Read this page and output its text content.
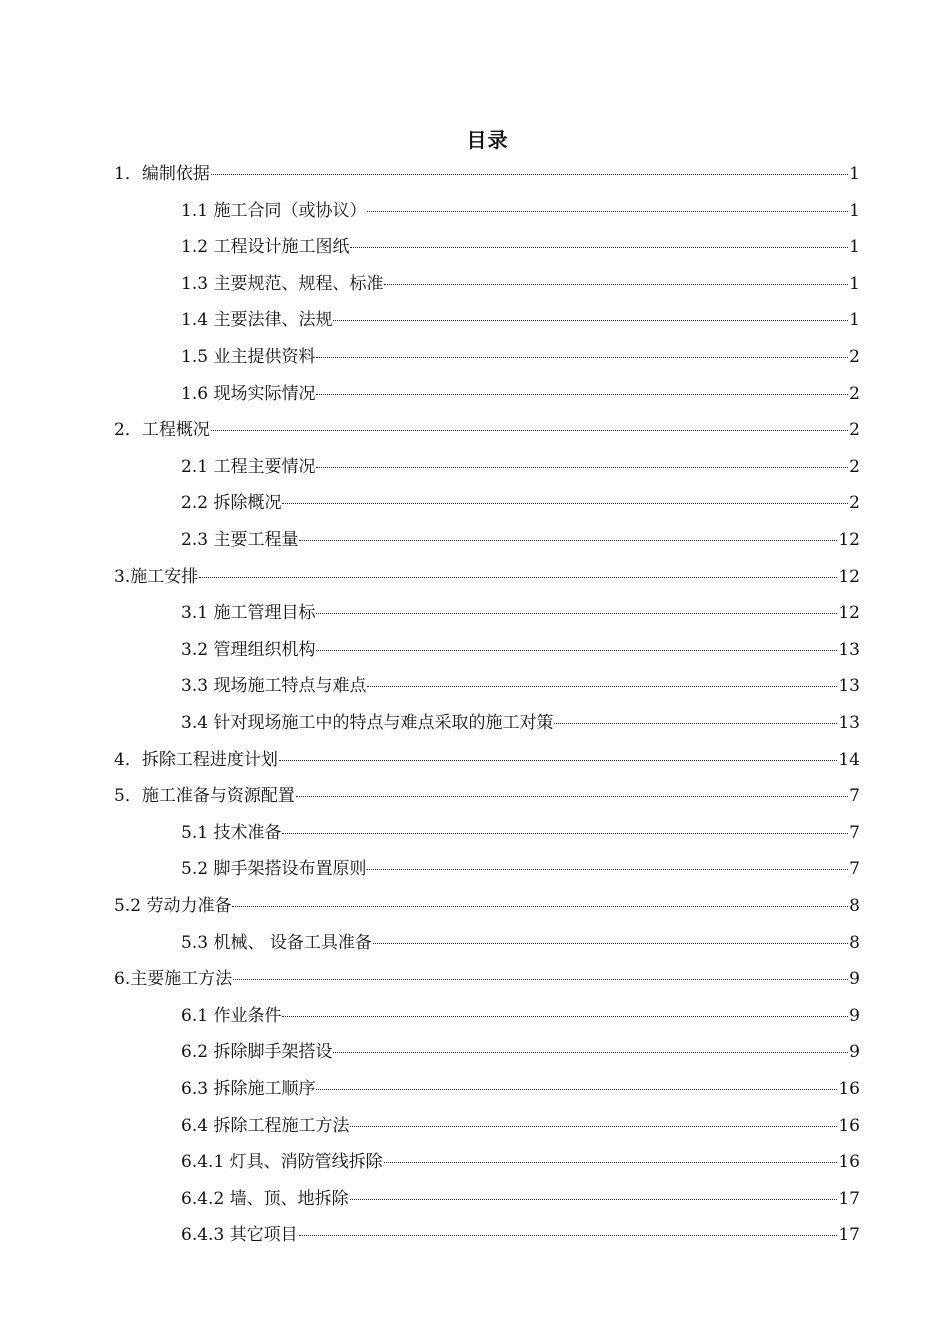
目录
1．编制依据	1
1.1 施工合同（或协议）	1
1.2 工程设计施工图纸	1
1.3 主要规范、规程、标准	1
1.4 主要法律、法规	1
1.5 业主提供资料	2
1.6 现场实际情况	2
2．工程概况	2
2.1 工程主要情况	2
2.2 拆除概况	2
2.3 主要工程量	12
3.施工安排	12
3.1 施工管理目标	12
3.2 管理组织机构	13
3.3 现场施工特点与难点	13
3.4 针对现场施工中的特点与难点采取的施工对策	13
4．拆除工程进度计划	14
5．施工准备与资源配置	7
5.1 技术准备	7
5.2 脚手架搭设布置原则	7
5.2 劳动力准备	8
5.3 机械、 设备工具准备	8
6.主要施工方法	9
6.1 作业条件	9
6.2 拆除脚手架搭设	9
6.3 拆除施工顺序	16
6.4 拆除工程施工方法	16
6.4.1 灯具、消防管线拆除	16
6.4.2 墙、顶、地拆除	17
6.4.3 其它项目	17
